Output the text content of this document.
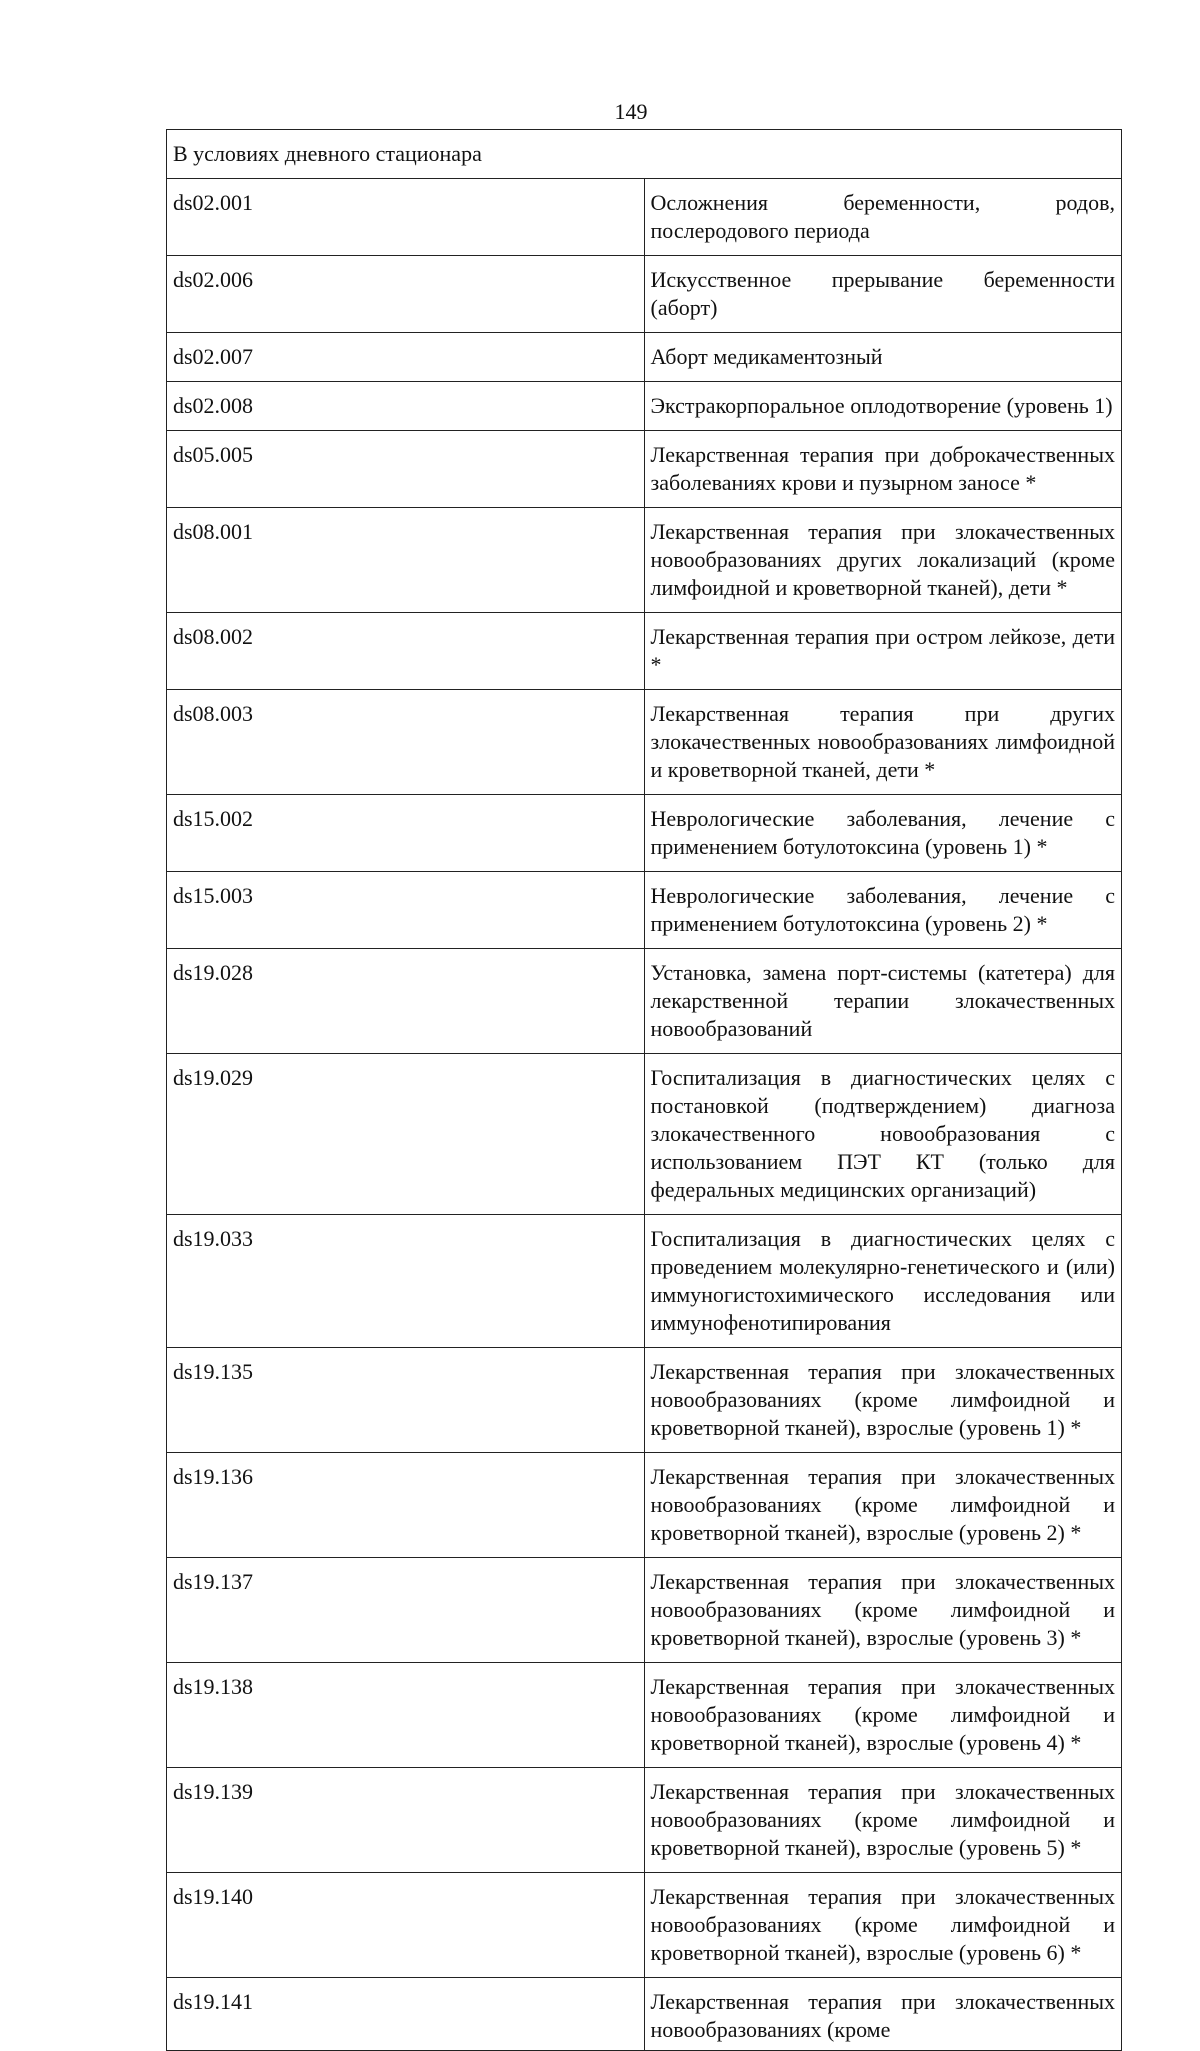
149
В условиях дневного стационара	
ds02.001	Осложнения беременности, родов, послеродового периода
ds02.006	Искусственное прерывание беременности (аборт)
ds02.007	Аборт медикаментозный
ds02.008	Экстракорпоральное оплодотворение (уровень 1)
ds05.005	Лекарственная терапия при доброкачественных заболеваниях крови и пузырном заносе *
ds08.001	Лекарственная терапия при злокачественных новообразованиях других локализаций (кроме лимфоидной и кроветворной тканей), дети *
ds08.002	Лекарственная терапия при остром лейкозе, дети *
ds08.003	Лекарственная терапия при других злокачественных новообразованиях лимфоидной и кроветворной тканей, дети *
ds15.002	Неврологические заболевания, лечение с применением ботулотоксина (уровень 1) *
ds15.003	Неврологические заболевания, лечение с применением ботулотоксина (уровень 2) *
ds19.028	Установка, замена порт-системы (катетера) для лекарственной терапии злокачественных новообразований
ds19.029	Госпитализация в диагностических целях с постановкой (подтверждением) диагноза злокачественного новообразования с использованием ПЭТ КТ (только для федеральных медицинских организаций)
ds19.033	Госпитализация в диагностических целях с проведением молекулярно-генетического и (или) иммуногистохимического исследования или иммунофенотипирования
ds19.135	Лекарственная терапия при злокачественных новообразованиях (кроме лимфоидной и кроветворной тканей), взрослые (уровень 1) *
ds19.136	Лекарственная терапия при злокачественных новообразованиях (кроме лимфоидной и кроветворной тканей), взрослые (уровень 2) *
ds19.137	Лекарственная терапия при злокачественных новообразованиях (кроме лимфоидной и кроветворной тканей), взрослые (уровень 3) *
ds19.138	Лекарственная терапия при злокачественных новообразованиях (кроме лимфоидной и кроветворной тканей), взрослые (уровень 4) *
ds19.139	Лекарственная терапия при злокачественных новообразованиях (кроме лимфоидной и кроветворной тканей), взрослые (уровень 5) *
ds19.140	Лекарственная терапия при злокачественных новообразованиях (кроме лимфоидной и кроветворной тканей), взрослые (уровень 6) *
ds19.141	Лекарственная терапия при злокачественных новообразованиях (кроме
